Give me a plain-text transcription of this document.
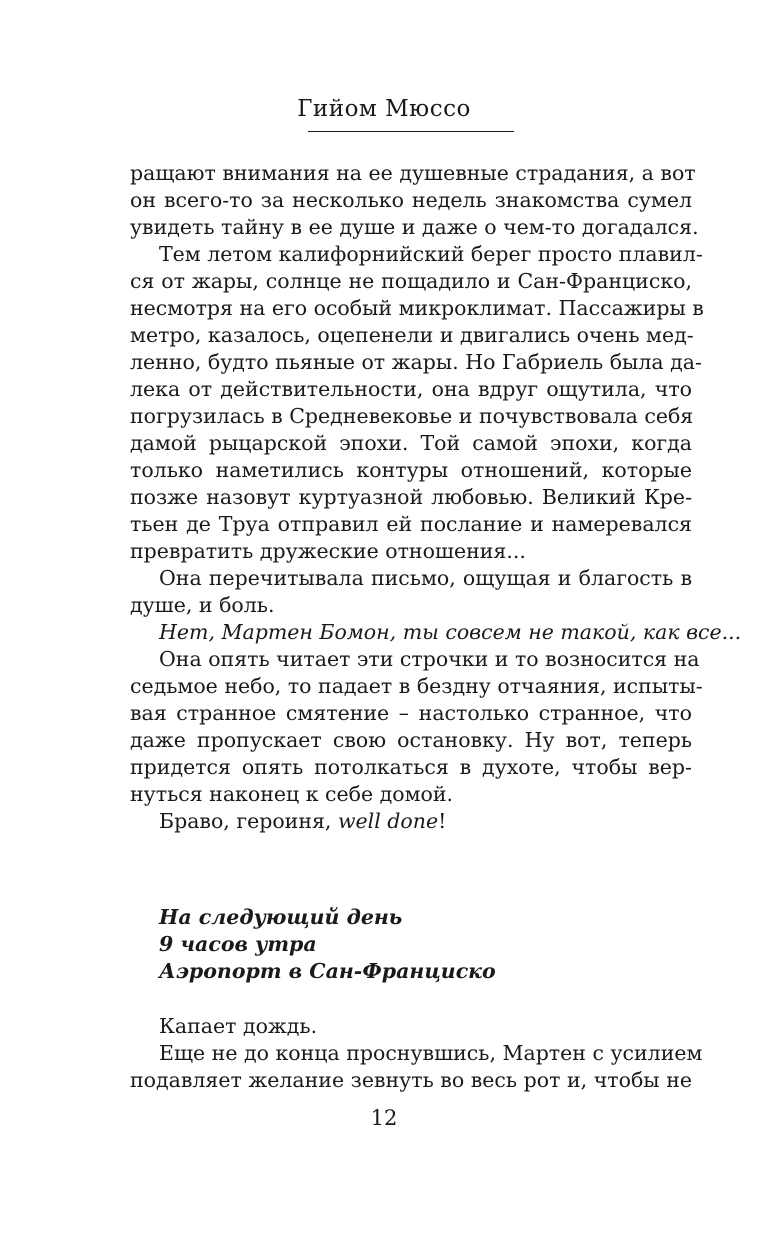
Гийом Мюссо
ращают внимания на ее душевные страдания, а вот
он всего-то за несколько недель знакомства сумел
увидеть тайну в ее душе и даже о чем-то догадался.
Тем летом калифорнийский берег просто плавил-
ся от жары, солнце не пощадило и Сан-Франциско,
несмотря на его особый микроклимат. Пассажиры в
метро, казалось, оцепенели и двигались очень мед-
ленно, будто пьяные от жары. Но Габриель была да-
лека от действительности, она вдруг ощутила, что
погрузилась в Средневековье и почувствовала себя
дамой рыцарской эпохи. Той самой эпохи, когда
только наметились контуры отношений, которые
позже назовут куртуазной любовью. Великий Кре-
тьен де Труа отправил ей послание и намеревался
превратить дружеские отношения...
Она перечитывала письмо, ощущая и благость в
душе, и боль.
Нет, Мартен Бомон, ты совсем не такой, как все...
Она опять читает эти строчки и то возносится на
седьмое небо, то падает в бездну отчаяния, испыты-
вая странное смятение – настолько странное, что
даже пропускает свою остановку. Ну вот, теперь
придется опять потолкаться в духоте, чтобы вер-
нуться наконец к себе домой.
Браво, героиня, well done!
На следующий день
9 часов утра
Аэропорт в Сан-Франциско
Капает дождь.
Еще не до конца проснувшись, Мартен с усилием
подавляет желание зевнуть во весь рот и, чтобы не
12
